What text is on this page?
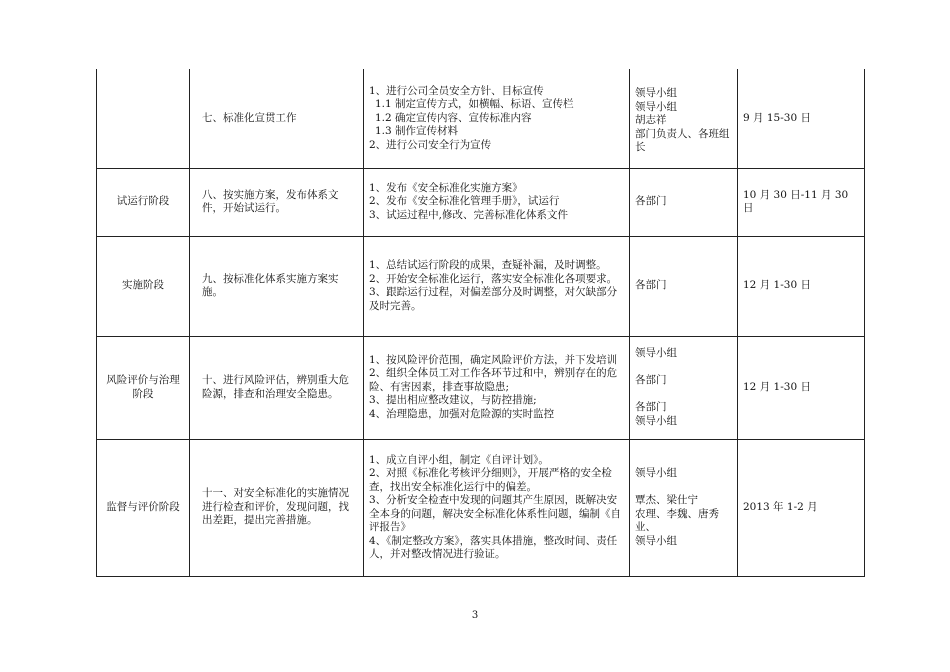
	七、标准化宣贯工作	1、进行公司全员安全方针、目标宣传
1.1 制定宣传方式，如横幅、标语、宣传栏
1.2 确定宣传内容、宣传标准内容
1.3 制作宣传材料
2、进行公司安全行为宣传	领导小组
领导小组
胡志祥
部门负责人、各班组长	9 月 15-30 日
试运行阶段	八、按实施方案，发布体系文件，开始试运行。	1、发布《安全标准化实施方案》
2、发布《安全标准化管理手册》，试运行
3、试运过程中,修改、完善标准化体系文件	各部门	10 月 30 日-11 月 30 日
实施阶段	九、按标准化体系实施方案实施。	1、总结试运行阶段的成果，查疑补漏，及时调整。
2、开始安全标准化运行，落实安全标准化各项要求。
3、跟踪运行过程，对偏差部分及时调整，对欠缺部分及时完善。	各部门	12 月 1-30 日
风险评价与治理阶段	十、进行风险评估，辨别重大危险源，排查和治理安全隐患。	1、按风险评价范围，确定风险评价方法，并下发培训
2、组织全体员工对工作各环节过和中，辨别存在的危险、有害因素，排查事故隐患;
3、提出相应整改建议，与防控措施;
4、治理隐患，加强对危险源的实时监控	领导小组
各部门
各部门
领导小组	12 月 1-30 日
监督与评价阶段	十一、对安全标准化的实施情况进行检查和评价，发现问题，找出差距，提出完善措施。	1、成立自评小组，制定《自评计划》。
2、对照《标准化考核评分细则》，开展严格的安全检查，找出安全标准化运行中的偏差。
3、分析安全检查中发现的问题其产生原因，既解决安全本身的问题，解决安全标准化体系性问题，编制《自评报告》
4、《制定整改方案》，落实具体措施，整改时间、责任人，并对整改情况进行验证。	领导小组
覃杰、梁仕宁
农理、李魏、唐秀业、
领导小组	2013 年 1-2 月
3
